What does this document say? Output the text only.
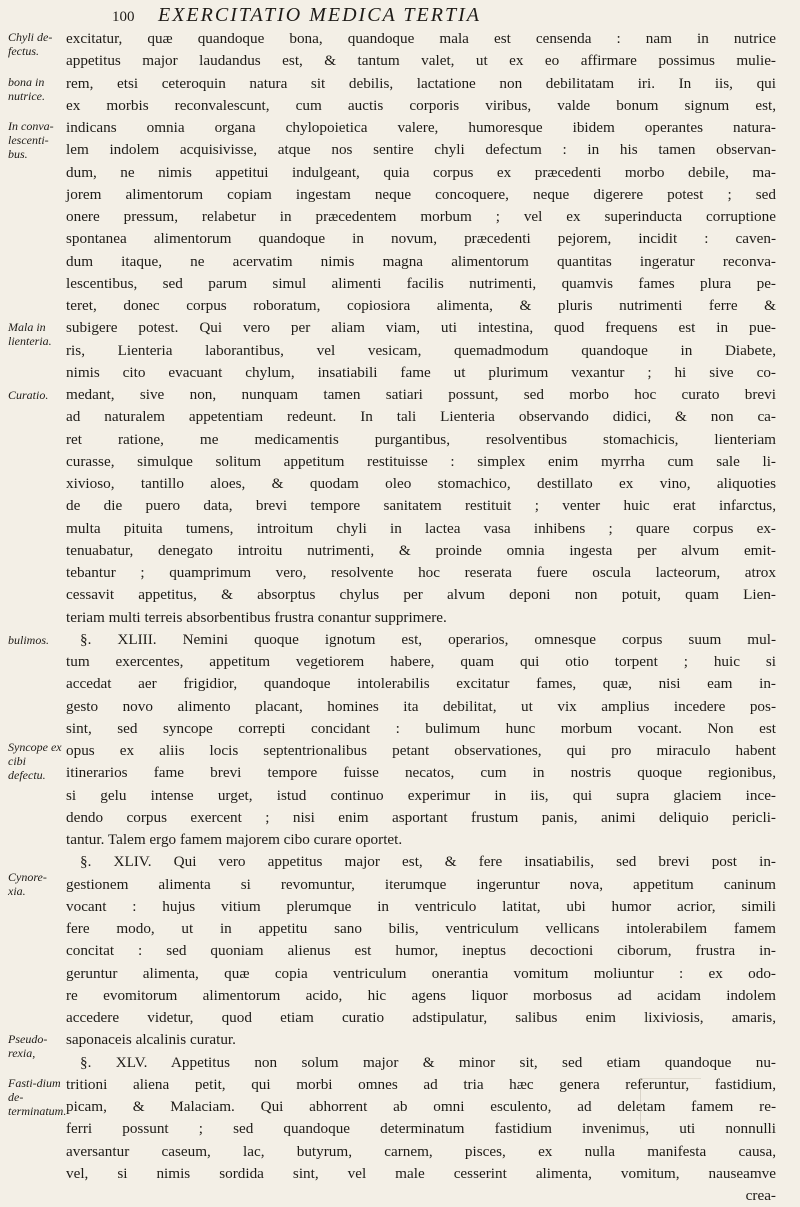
100	EXERCITATIO MEDICA TERTIA
Chyli de-fectus.
bona in nutrice.
In conva-lescenti-bus.
Mala in lienteria.
Curatio.
bulimos.
Syncope ex cibi defectu.
Cynore-xia.
Pseudo-rexia,
Fasti-dium de-terminatum.
excitatur, quæ quandoque bona, quandoque mala est censenda : nam in nutrice
appetitus major laudandus est, & tantum valet, ut ex eo affirmare possimus mulie-
rem, etsi ceteroquin natura sit debilis, lactatione non debilitatam iri. In iis, qui
ex morbis reconvalescunt, cum auctis corporis viribus, valde bonum signum est,
indicans omnia organa chylopoietica valere, humoresque ibidem operantes natura-
lem indolem acquisivisse, atque nos sentire chyli defectum : in his tamen observan-
dum, ne nimis appetitui indulgeant, quia corpus ex præcedenti morbo debile, ma-
jorem alimentorum copiam ingestam neque concoquere, neque digerere potest ; sed
onere pressum, relabetur in præcedentem morbum ; vel ex superinducta corruptione
spontanea alimentorum quandoque in novum, præcedenti pejorem, incidit : caven-
dum itaque, ne acervatim nimis magna alimentorum quantitas ingeratur reconva-
lescentibus, sed parum simul alimenti facilis nutrimenti, quamvis fames plura pe-
teret, donec corpus roboratum, copiosiora alimenta, & pluris nutrimenti ferre &
subigere potest. Qui vero per aliam viam, uti intestina, quod frequens est in pue-
ris, Lienteria laborantibus, vel vesicam, quemadmodum quandoque in Diabete,
nimis cito evacuant chylum, insatiabili fame ut plurimum vexantur ; hi sive co-
medant, sive non, nunquam tamen satiari possunt, sed morbo hoc curato brevi
ad naturalem appetentiam redeunt. In tali Lienteria observando didici, & non ca-
ret ratione, me medicamentis purgantibus, resolventibus stomachicis, lienteriam
curasse, simulque solitum appetitum restituisse : simplex enim myrrha cum sale li-
xivioso, tantillo aloes, & quodam oleo stomachico, destillato ex vino, aliquoties
de die puero data, brevi tempore sanitatem restituit ; venter huic erat infarctus,
multa pituita tumens, introitum chyli in lactea vasa inhibens ; quare corpus ex-
tenuabatur, denegato introitu nutrimenti, & proinde omnia ingesta per alvum emit-
tebantur ; quamprimum vero, resolvente hoc reserata fuere oscula lacteorum, atrox
cessavit appetitus, & absorptus chylus per alvum deponi non potuit, quam Lien-
teriam multi terreis absorbentibus frustra conantur supprimere.
§. XLIII. Nemini quoque ignotum est, operarios, omnesque corpus suum mul-
tum exercentes, appetitum vegetiorem habere, quam qui otio torpent ; huic si
accedat aer frigidior, quandoque intolerabilis excitatur fames, quæ, nisi eam in-
gesto novo alimento placant, homines ita debilitat, ut vix amplius incedere pos-
sint, sed syncope correpti concidant : bulimum hunc morbum vocant. Non est
opus ex aliis locis septentrionalibus petant observationes, qui pro miraculo habent
itinerarios fame brevi tempore fuisse necatos, cum in nostris quoque regionibus,
si gelu intense urget, istud continuo experimur in iis, qui supra glaciem ince-
dendo corpus exercent ; nisi enim asportant frustum panis, animi deliquio pericli-
tantur. Talem ergo famem majorem cibo curare oportet.
§. XLIV. Qui vero appetitus major est, & fere insatiabilis, sed brevi post in-
gestionem alimenta si revomuntur, iterumque ingeruntur nova, appetitum caninum
vocant : hujus vitium plerumque in ventriculo latitat, ubi humor acrior, simili
fere modo, ut in appetitu sano bilis, ventriculum vellicans intolerabilem famem
concitat : sed quoniam alienus est humor, ineptus decoctioni ciborum, frustra in-
geruntur alimenta, quæ copia ventriculum onerantia vomitum moliuntur : ex odo-
re evomitorum alimentorum acido, hic agens liquor morbosus ad acidam indolem
accedere videtur, quod etiam curatio adstipulatur, salibus enim lixiviosis, amaris,
saponaceis alcalinis curatur.
§. XLV. Appetitus non solum major & minor sit, sed etiam quandoque nu-
tritioni aliena petit, qui morbi omnes ad tria hæc genera referuntur, fastidium,
picam, & Malaciam. Qui abhorrent ab omni esculento, ad deletam famem re-
ferri possunt ; sed quandoque determinatum fastidium invenimus, uti nonnulli
aversantur caseum, lac, butyrum, carnem, pisces, ex nulla manifesta causa,
vel, si nimis sordida sint, vel male cesserint alimenta, vomitum, nauseamve
crea-
